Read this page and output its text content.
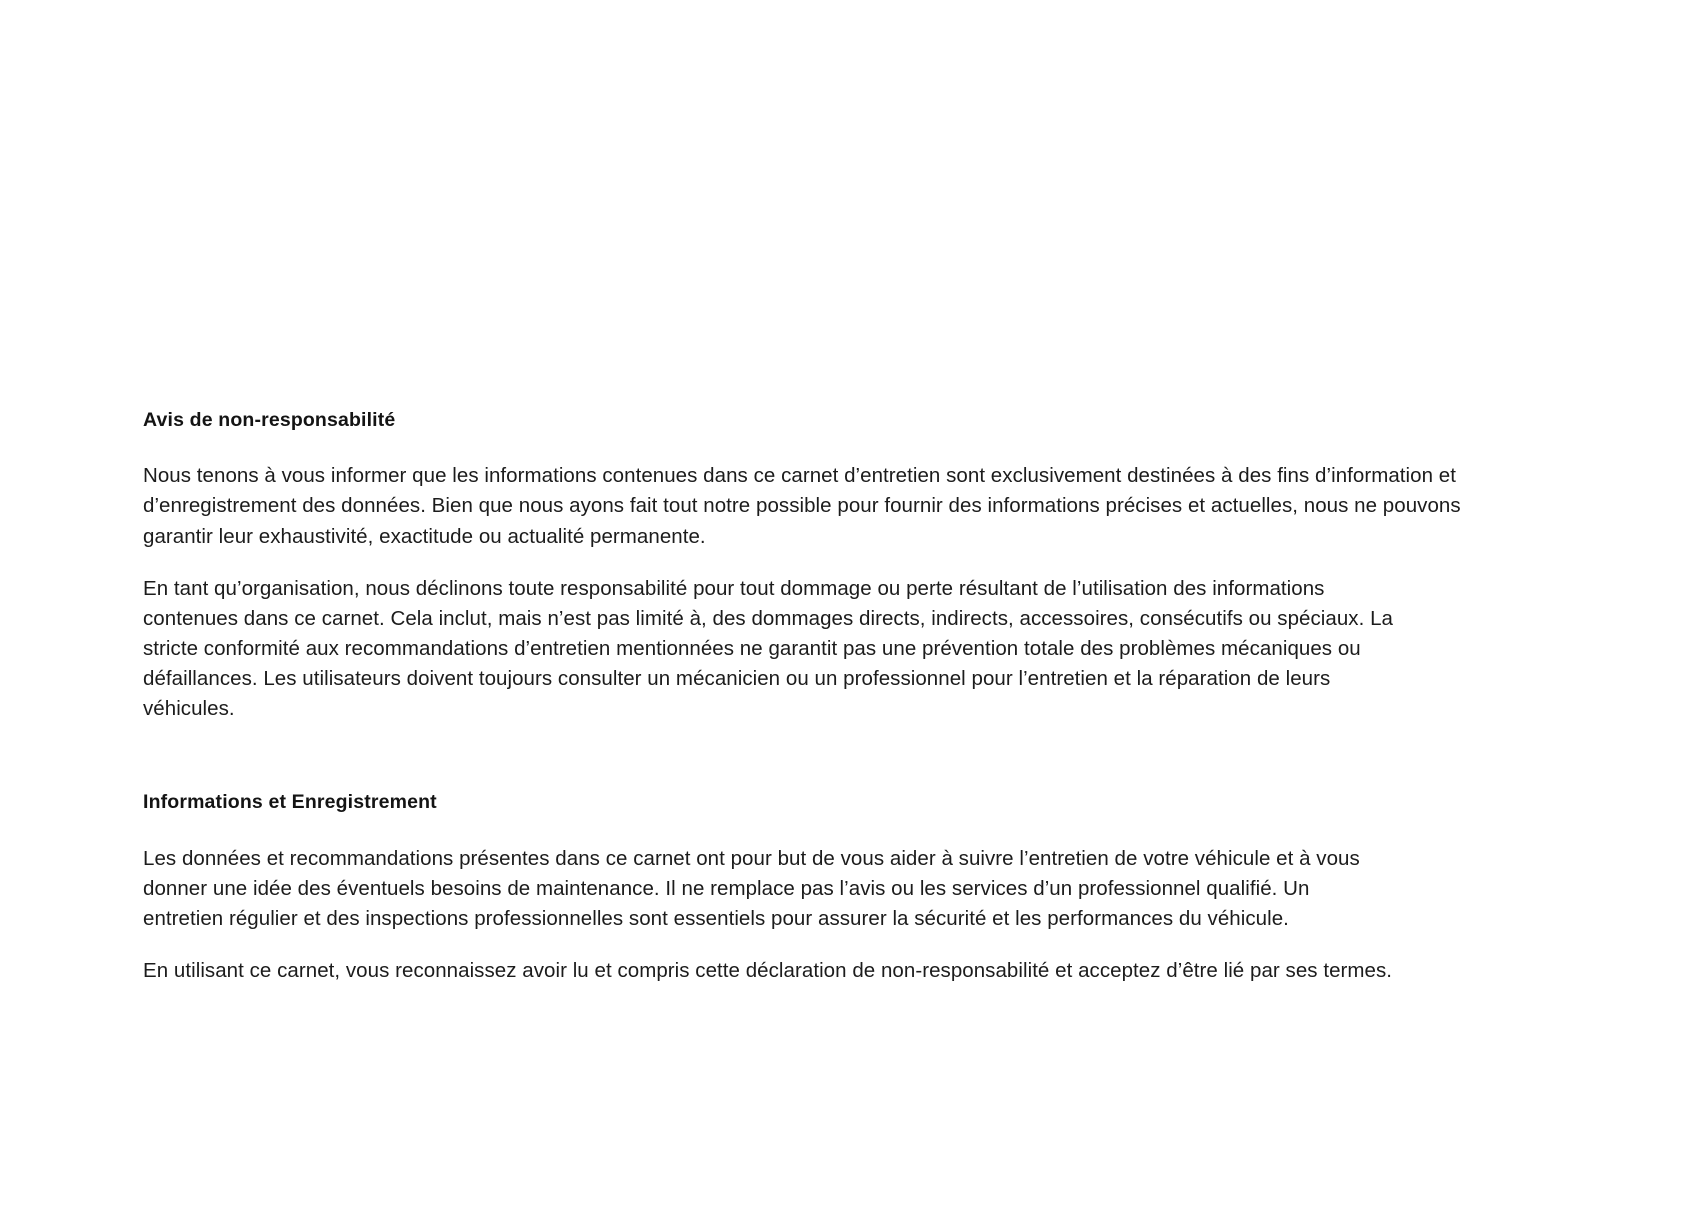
Avis de non-responsabilité

Nous tenons à vous informer que les informations contenues dans ce carnet d’entretien sont exclusivement destinées à des fins d’information et d’enregistrement des données. Bien que nous ayons fait tout notre possible pour fournir des informations précises et actuelles, nous ne pouvons garantir leur exhaustivité, exactitude ou actualité permanente.

En tant qu’organisation, nous déclinons toute responsabilité pour tout dommage ou perte résultant de l’utilisation des informations contenues dans ce carnet. Cela inclut, mais n’est pas limité à, des dommages directs, indirects, accessoires, consécutifs ou spéciaux. La stricte conformité aux recommandations d’entretien mentionnées ne garantit pas une prévention totale des problèmes mécaniques ou défaillances. Les utilisateurs doivent toujours consulter un mécanicien ou un professionnel pour l’entretien et la réparation de leurs véhicules.

Informations et Enregistrement

Les données et recommandations présentes dans ce carnet ont pour but de vous aider à suivre l’entretien de votre véhicule et à vous donner une idée des éventuels besoins de maintenance. Il ne remplace pas l’avis ou les services d’un professionnel qualifié. Un entretien régulier et des inspections professionnelles sont essentiels pour assurer la sécurité et les performances du véhicule.

En utilisant ce carnet, vous reconnaissez avoir lu et compris cette déclaration de non-responsabilité et acceptez d’être lié par ses termes.
